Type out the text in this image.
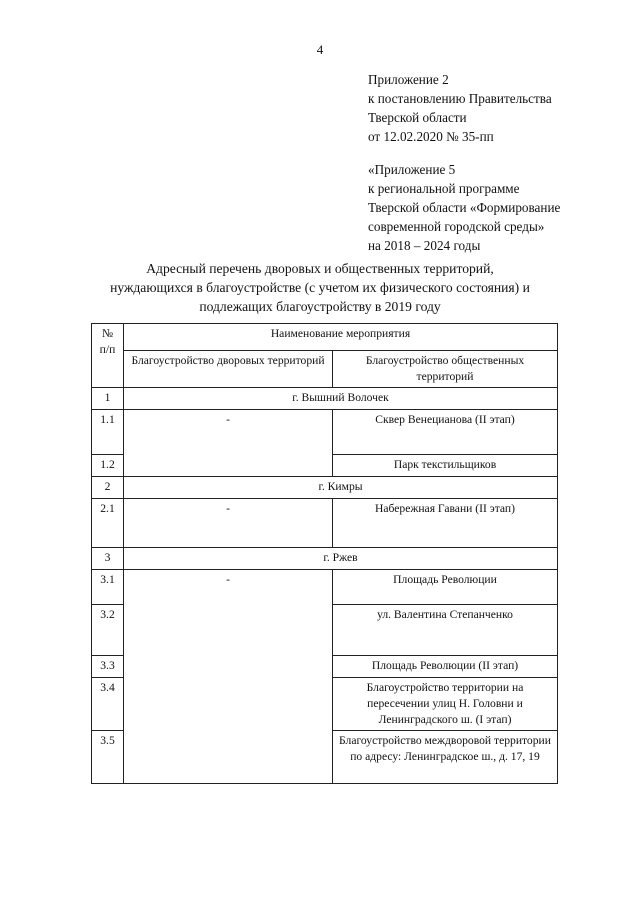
4
Приложение 2
к постановлению Правительства
Тверской области
от 12.02.2020 № 35-пп
«Приложение 5
к региональной программе
Тверской области «Формирование
современной городской среды»
на 2018 – 2024 годы
Адресный перечень дворовых и общественных территорий,
нуждающихся в благоустройстве (с учетом их физического состояния) и
подлежащих благоустройству в 2019 году
№ п/п	Наименование мероприятия	
	Благоустройство дворовых территорий	Благоустройство общественных территорий
1	г. Вышний Волочек	
1.1	-	Сквер Венецианова (II этап)
1.2		Парк текстильщиков
2	г. Кимры	
2.1	-	Набережная Гавани (II этап)
3	г. Ржев	
3.1	-	Площадь Революции
3.2		ул. Валентина Степанченко
3.3		Площадь Революции (II этап)
3.4		Благоустройство территории на пересечении улиц Н. Головни и Ленинградского ш. (I этап)
3.5		Благоустройство междворовой территории по адресу: Ленинградское ш., д. 17, 19
